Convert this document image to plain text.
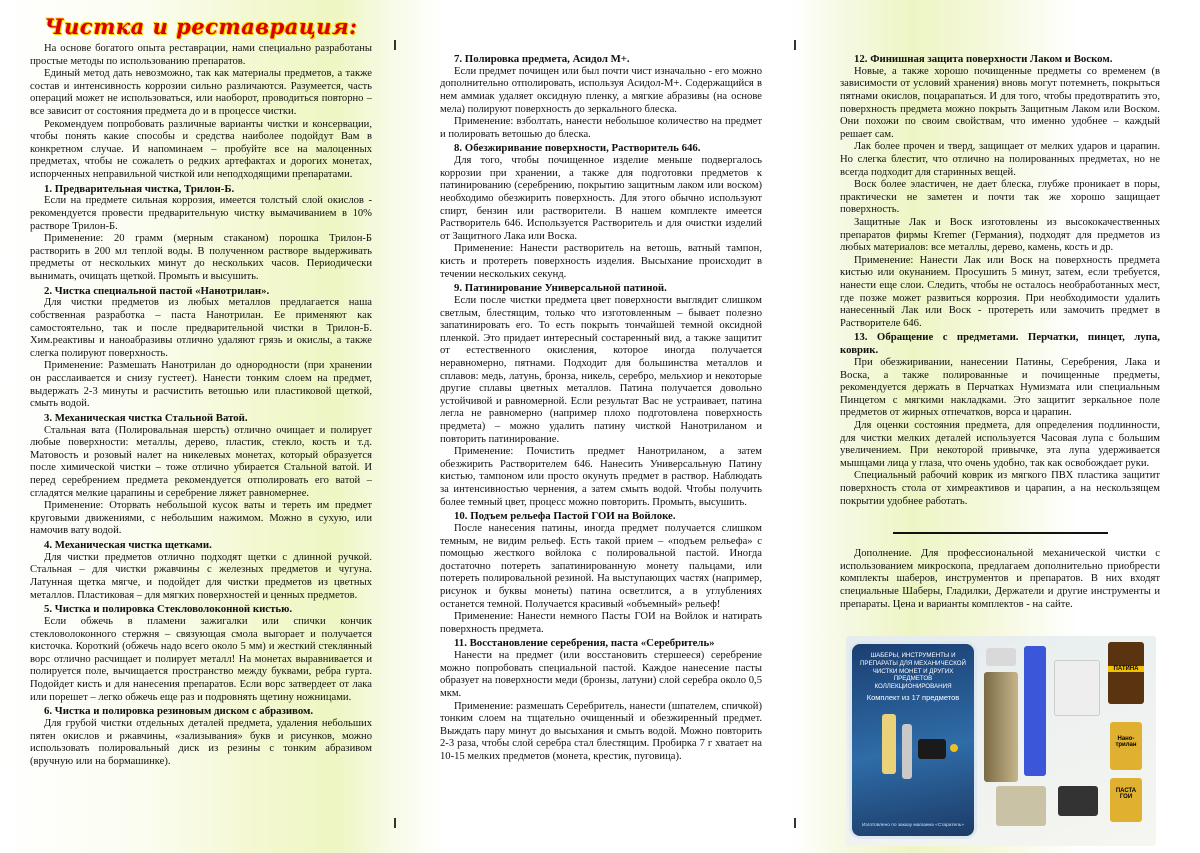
Чистка и реставрация:

На основе богатого опыта реставрации, нами специально разработаны простые методы по использованию препаратов.

Единый метод дать невозможно, так как материалы предметов, а также состав и интенсивность коррозии сильно различаются. Разумеется, часть операций может не использоваться, или наоборот, проводиться повторно – все зависит от состояния предмета до и в процессе чистки.

Рекомендуем попробовать различные варианты чистки и консервации, чтобы понять какие способы и средства наиболее подойдут Вам в конкретном случае. И напоминаем – пробуйте все на малоценных предметах, чтобы не сожалеть о редких артефактах и дорогих монетах, испорченных неправильной чисткой или неподходящими препаратами.

1. Предварительная чистка, Трилон-Б.

Если на предмете сильная коррозия, имеется толстый слой окислов - рекомендуется провести предварительную чистку вымачиванием в 10% растворе Трилон-Б.

Применение: 20 грамм (мерным стаканом) порошка Трилон-Б растворить в 200 мл теплой воды. В полученном растворе выдерживать предметы от нескольких минут до нескольких часов. Периодически вынимать, очищать щеткой. Промыть и высушить.

2. Чистка специальной пастой «Нанотрилан».

Для чистки предметов из любых металлов предлагается наша собственная разработка – паста Нанотрилан. Ее применяют как самостоятельно, так и после предварительной чистки в Трилон-Б. Хим.реактивы и наноабразивы отлично удаляют грязь и окислы, а также слегка полируют поверхность.

Применение: Размешать Нанотрилан до однородности (при хранении он расслаивается и снизу густеет). Нанести тонким слоем на предмет, выдержать 2-3 минуты и расчистить ветошью или пластиковой щеткой, смыть водой.

3. Механическая чистка Стальной Ватой.

Стальная вата (Полировальная шерсть) отлично очищает и полирует любые поверхности: металлы, дерево, пластик, стекло, кость и т.д. Матовость и розовый налет на никелевых монетах, который образуется после химической чистки – тоже отлично убирается Стальной ватой. И перед серебрением предмета рекомендуется отполировать его ватой – сгладятся мелкие царапины и серебрение ляжет равномернее.

Применение: Оторвать небольшой кусок ваты и тереть им предмет круговыми движениями, с небольшим нажимом. Можно в сухую, или намочив вату водой.

4. Механическая чистка щетками.

Для чистки предметов отлично подходят щетки с длинной ручкой. Стальная – для чистки ржавчины с железных предметов и чугуна. Латунная щетка мягче, и подойдет для чистки предметов из цветных металлов. Пластиковая – для мягких поверхностей и ценных предметов.

5. Чистка и полировка Стекловолоконной кистью.

Если обжечь в пламени зажигалки или спички кончик стекловолоконного стержня – связующая смола выгорает и получается кисточка. Короткий (обжечь надо всего около 5 мм) и жесткий стеклянный ворс отлично расчищает и полирует металл! На монетах выравнивается и полируется поле, вычищается пространство между буквами, ребра гурта. Подойдет кисть и для нанесения препаратов. Если ворс затвердеет от лака или порешет – легко обжечь еще раз и подровнять щетину ножницами.

6. Чистка и полировка резиновым диском с абразивом.

Для грубой чистки отдельных деталей предмета, удаления небольших пятен окислов и ржавчины, «зализывания» букв и рисунков, можно использовать полировальный диск из резины с тонким абразивом (вручную или на бормашинке).

7. Полировка предмета, Асидол М+.

Если предмет почищен или был почти чист изначально - его можно дополнительно отполировать, используя Асидол-М+. Содержащийся в нем аммиак удаляет оксидную пленку, а мягкие абразивы (на основе мела) полируют поверхность до зеркального блеска.

Применение: взболтать, нанести небольшое количество на предмет и полировать ветошью до блеска.

8. Обезжиривание поверхности, Растворитель 646.

Для того, чтобы почищенное изделие меньше подвергалось коррозии при хранении, а также для подготовки предметов к патинированию (серебрению, покрытию защитным лаком или воском) необходимо обезжирить поверхность. Для этого обычно используют спирт, бензин или растворители. В нашем комплекте имеется Растворитель 646. Используется Растворитель и для очистки изделий от Защитного Лака или Воска.

Применение: Нанести растворитель на ветошь, ватный тампон, кисть и протереть поверхность изделия. Высыхание происходит в течении нескольких секунд.

9. Патинирование Универсальной патиной.

Если после чистки предмета цвет поверхности выглядит слишком светлым, блестящим, только что изготовленным – бывает полезно запатинировать его. То есть покрыть тончайшей темной оксидной пленкой. Это придает интересный состаренный вид, а также защитит от естественного окисления, которое иногда получается неравномерно, пятнами. Подходит для большинства металлов и сплавов: медь, латунь, бронза, никель, серебро, мельхиор и некоторые другие сплавы цветных металлов. Патина получается довольно устойчивой и равномерной. Если результат Вас не устраивает, патина легла не равномерно (например плохо подготовлена поверхность предмета) – можно удалить патину чисткой Нанотриланом и повторить патинирование.

Применение: Почистить предмет Нанотриланом, а затем обезжирить Растворителем 646. Нанесить Универсальную Патину кистью, тампоном или просто окунуть предмет в раствор. Наблюдать за интенсивностью чернения, а затем смыть водой. Чтобы получить более темный цвет, процесс можно повторить. Промыть, высушить.

10. Подъем рельефа Пастой ГОИ на Войлоке.

После нанесения патины, иногда предмет получается слишком темным, не видим рельеф. Есть такой прием – «подъем рельефа» с помощью жесткого войлока с полировальной пастой. Иногда достаточно потереть запатинированную монету пальцами, или потереть полировальной резиной. На выступающих частях (например, рисунок и буквы монеты) патина осветлится, а в углублениях останется темной. Получается красивый «объемный» рельеф!

Применение: Нанести немного Пасты ГОИ на Войлок и натирать поверхность предмета.

11. Восстановление серебрения, паста «Серебритель»

Нанести на предмет (или восстановить стершееся) серебрение можно попробовать специальной пастой. Каждое нанесение пасты образует на поверхности меди (бронзы, латуни) слой серебра около 0,5 мкм.

Применение: размешать Серебритель, нанести (шпателем, спичкой) тонким слоем на тщательно очищенный и обезжиренный предмет. Выждать пару минут до высыхания и смыть водой. Можно повторить 2-3 раза, чтобы слой серебра стал блестящим. Пробирка 7 г хватает на 10-15 мелких предметов (монета, крестик, пуговица).

12. Финишная защита поверхности Лаком и Воском.

Новые, а также хорошо почищенные предметы со временем (в зависимости от условий хранения) вновь могут потемнеть, покрыться пятнами окислов, поцарапаться. И для того, чтобы предотвратить это, поверхность предмета можно покрыть Защитным Лаком или Воском. Они похожи по своим свойствам, что именно удобнее – каждый решает сам.

Лак более прочен и тверд, защищает от мелких ударов и царапин. Но слегка блестит, что отлично на полированных предметах, но не всегда подходит для старинных вещей.

Воск более эластичен, не дает блеска, глубже проникает в поры, практически не заметен и почти так же хорошо защищает поверхность.

Защитные Лак и Воск изготовлены из высококачественных препаратов фирмы Kremer (Германия), подходят для предметов из любых материалов: все металлы, дерево, камень, кость и др.

Применение: Нанести Лак или Воск на поверхность предмета кистью или окунанием. Просушить 5 минут, затем, если требуется, нанести еще слои. Следить, чтобы не осталось необработанных мест, где позже может развиться коррозия. При необходимости удалить нанесенный Лак или Воск - протереть или замочить предмет в Растворителе 646.

13. Обращение с предметами. Перчатки, пинцет, лупа, коврик.

При обезжиривании, нанесении Патины, Серебрения, Лака и Воска, а также полированные и почищенные предметы, рекомендуется держать в Перчатках Нумизмата или специальным Пинцетом с мягкими накладками. Это защитит зеркальное поле предметов от жирных отпечатков, ворса и царапин.

Для оценки состояния предмета, для определения подлинности, для чистки мелких деталей используется Часовая лупа с большим увеличением. При некоторой привычке, эта лупа удерживается мышцами лица у глаза, что очень удобно, так как освобождает руки.

Специальный рабочий коврик из мягкого ПВХ пластика защитит поверхность стола от химреактивов и царапин, а на нескользящем покрытии удобнее работать.

Дополнение. Для профессиональной механической чистки с использованием микроскопа, предлагаем дополнительно приобрести комплекты шаберов, инструментов и препаратов. В них входят специальные Шаберы, Гладилки, Держатели и другие инструменты и препараты. Цена и варианты комплектов - на сайте.

ШАБЕРЫ, ИНСТРУМЕНТЫ И ПРЕПАРАТЫ ДЛЯ МЕХАНИЧЕСКОЙ ЧИСТКИ МОНЕТ И ДРУГИХ ПРЕДМЕТОВ КОЛЛЕКЦИОНИРОВАНИЯ
Комплект из 17 предметов

Изготовлено по заказу магазина «Старатель»

ПАТИНА
Нано-трилан
ПАСТА ГОИ
